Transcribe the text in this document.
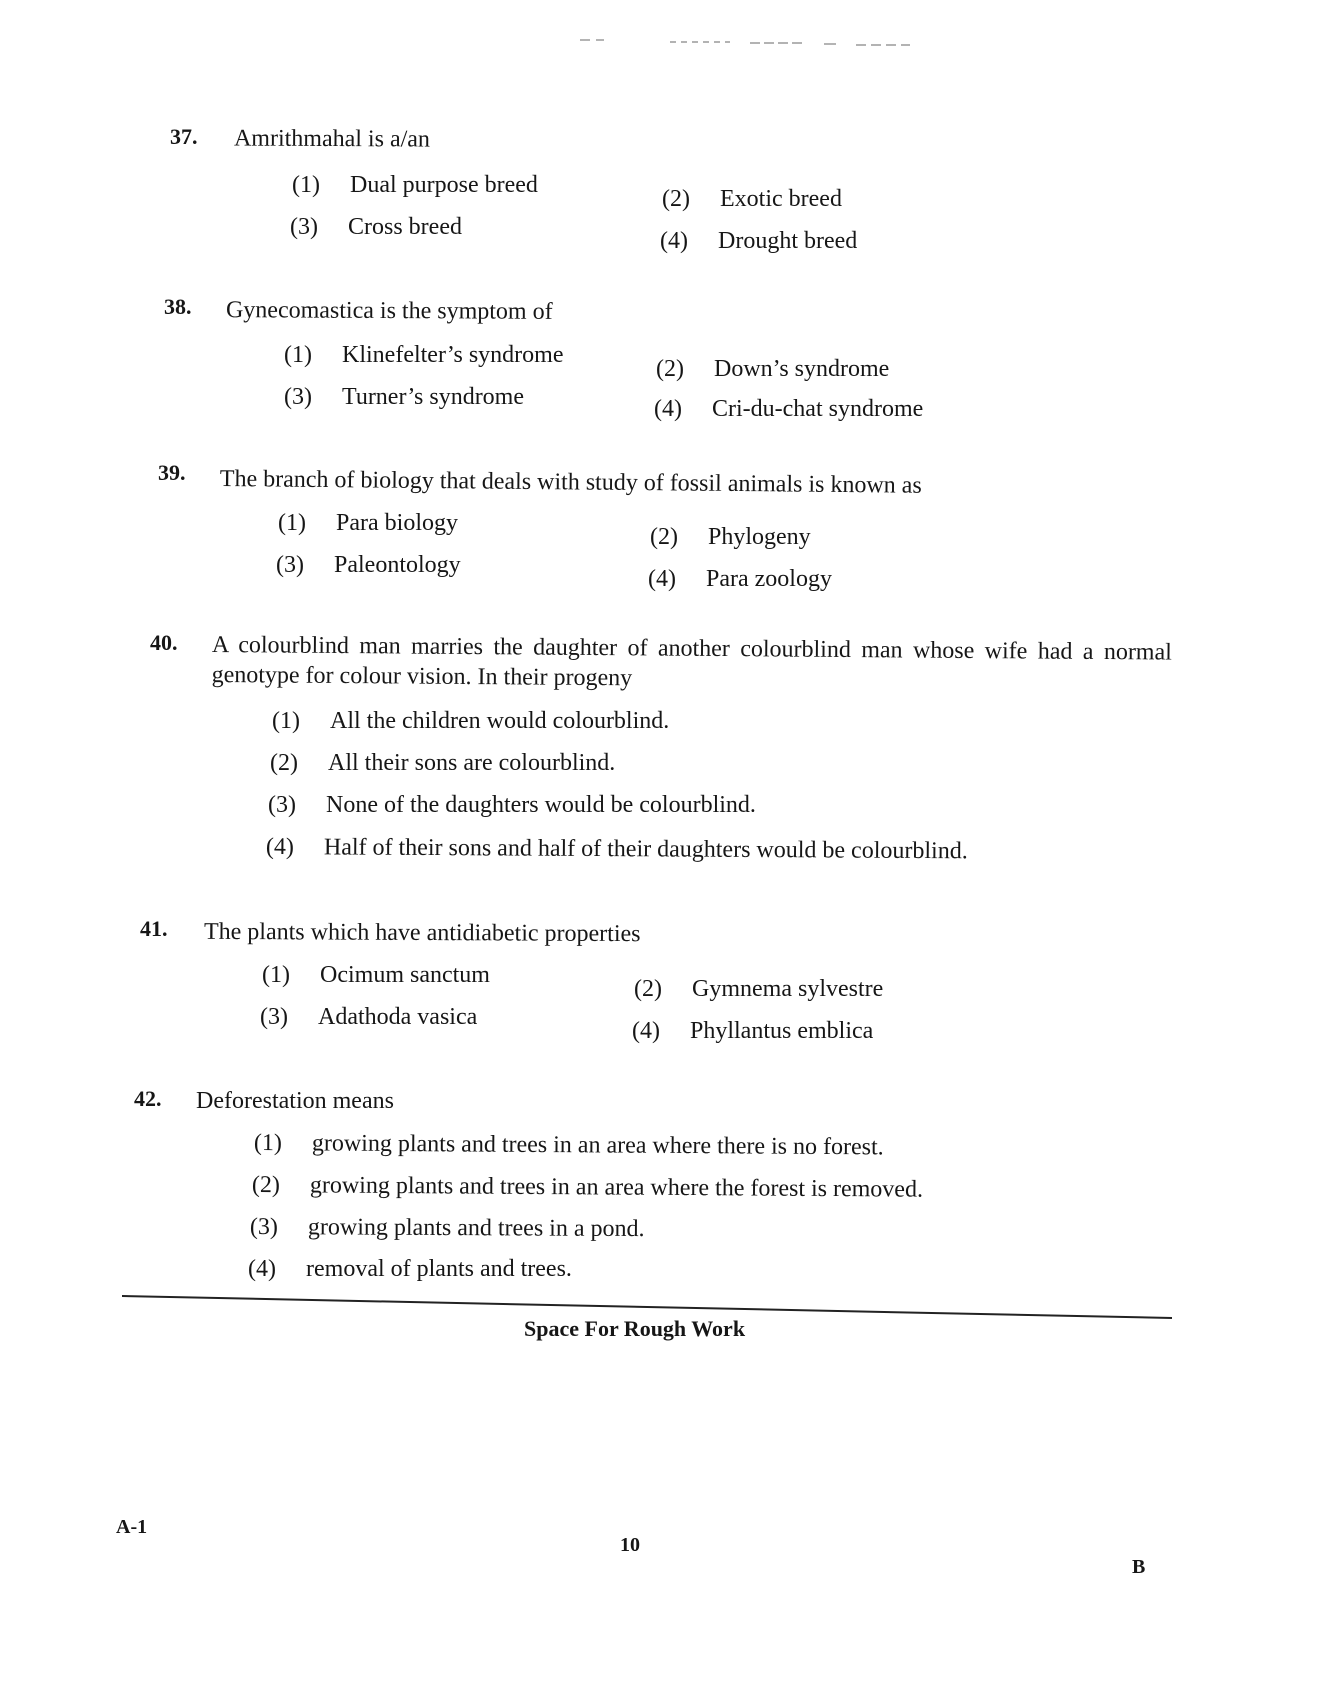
37. Amrithmahal is a/an
(1) Dual purpose breed
(2) Exotic breed
(3) Cross breed
(4) Drought breed
38. Gynecomastica is the symptom of
(1) Klinefelter’s syndrome
(2) Down’s syndrome
(3) Turner’s syndrome	(4) Cri-du-chat syndrome
39. The branch of biology that deals with study of fossil animals is known as
(1) Para biology
(2) Phylogeny
(3) Paleontology
(4) Para zoology
40. A colourblind man marries the daughter of another colourblind man whose wife had a normal genotype for colour vision. In their progeny
(1) All the children would colourblind.
(2) All their sons are colourblind.
(3) None of the daughters would be colourblind.
(4) Half of their sons and half of their daughters would be colourblind.
41. The plants which have antidiabetic properties
(1) Ocimum sanctum
(2) Gymnema sylvestre
(3) Adathoda vasica
(4) Phyllantus emblica
42. Deforestation means
(1) growing plants and trees in an area where there is no forest.
(2) growing plants and trees in an area where the forest is removed.
(3) growing plants and trees in a pond.
(4) removal of plants and trees.
Space For Rough Work
A-1
10
B
